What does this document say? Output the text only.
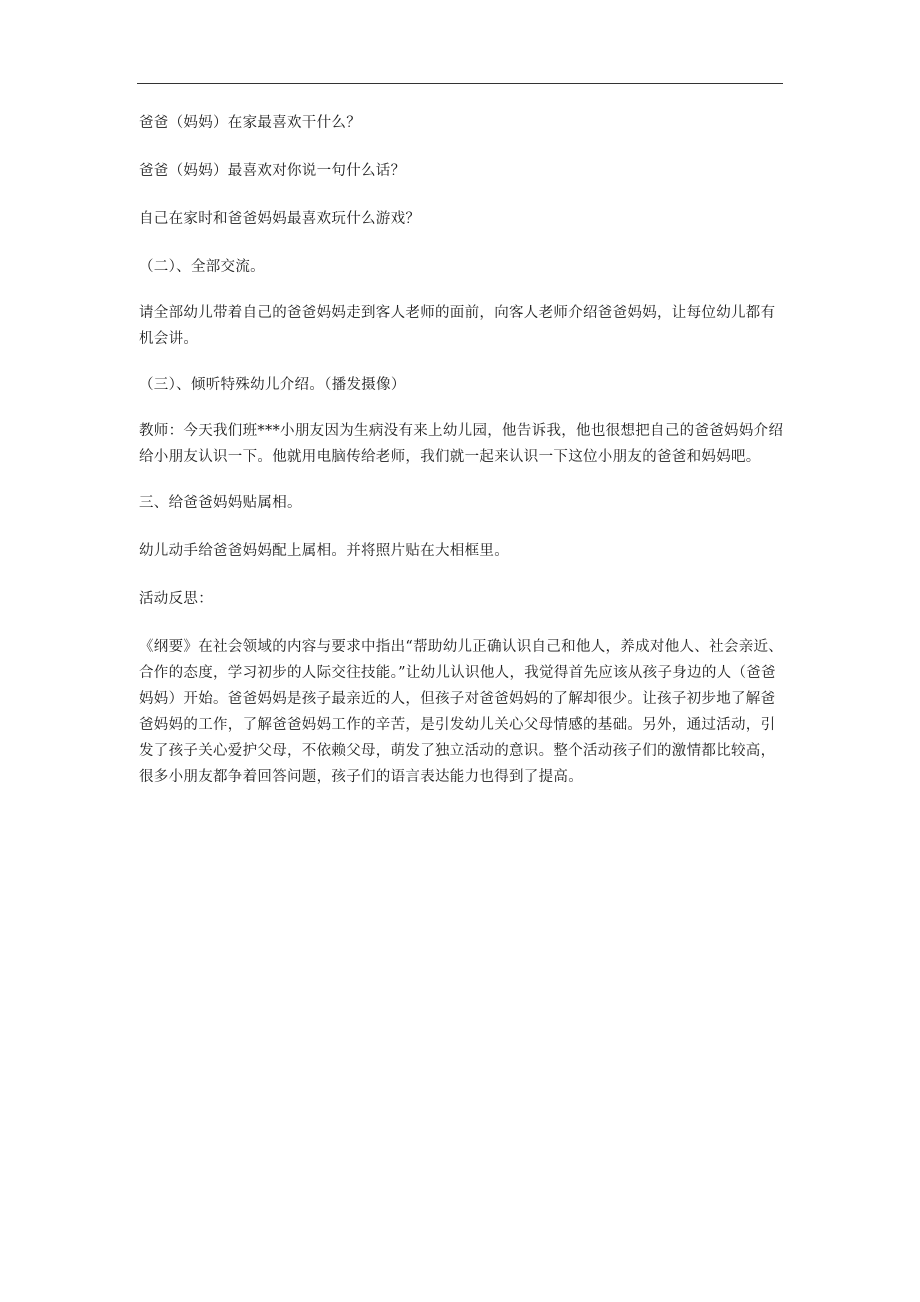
爸爸（妈妈）在家最喜欢干什么？

爸爸（妈妈）最喜欢对你说一句什么话？

自己在家时和爸爸妈妈最喜欢玩什么游戏？

（二）、全部交流。

请全部幼儿带着自己的爸爸妈妈走到客人老师的面前，向客人老师介绍爸爸妈妈，让每位幼儿都有机会讲。

（三）、倾听特殊幼儿介绍。（播发摄像）

教师：今天我们班***小朋友因为生病没有来上幼儿园，他告诉我，他也很想把自己的爸爸妈妈介绍给小朋友认识一下。他就用电脑传给老师，我们就一起来认识一下这位小朋友的爸爸和妈妈吧。

三、给爸爸妈妈贴属相。

幼儿动手给爸爸妈妈配上属相。并将照片贴在大相框里。

活动反思：

《纲要》在社会领域的内容与要求中指出“帮助幼儿正确认识自己和他人，养成对他人、社会亲近、合作的态度，学习初步的人际交往技能。”让幼儿认识他人，我觉得首先应该从孩子身边的人（爸爸妈妈）开始。爸爸妈妈是孩子最亲近的人，但孩子对爸爸妈妈的了解却很少。让孩子初步地了解爸爸妈妈的工作，了解爸爸妈妈工作的辛苦，是引发幼儿关心父母情感的基础。另外，通过活动，引发了孩子关心爱护父母，不依赖父母，萌发了独立活动的意识。整个活动孩子们的激情都比较高，很多小朋友都争着回答问题，孩子们的语言表达能力也得到了提高。
